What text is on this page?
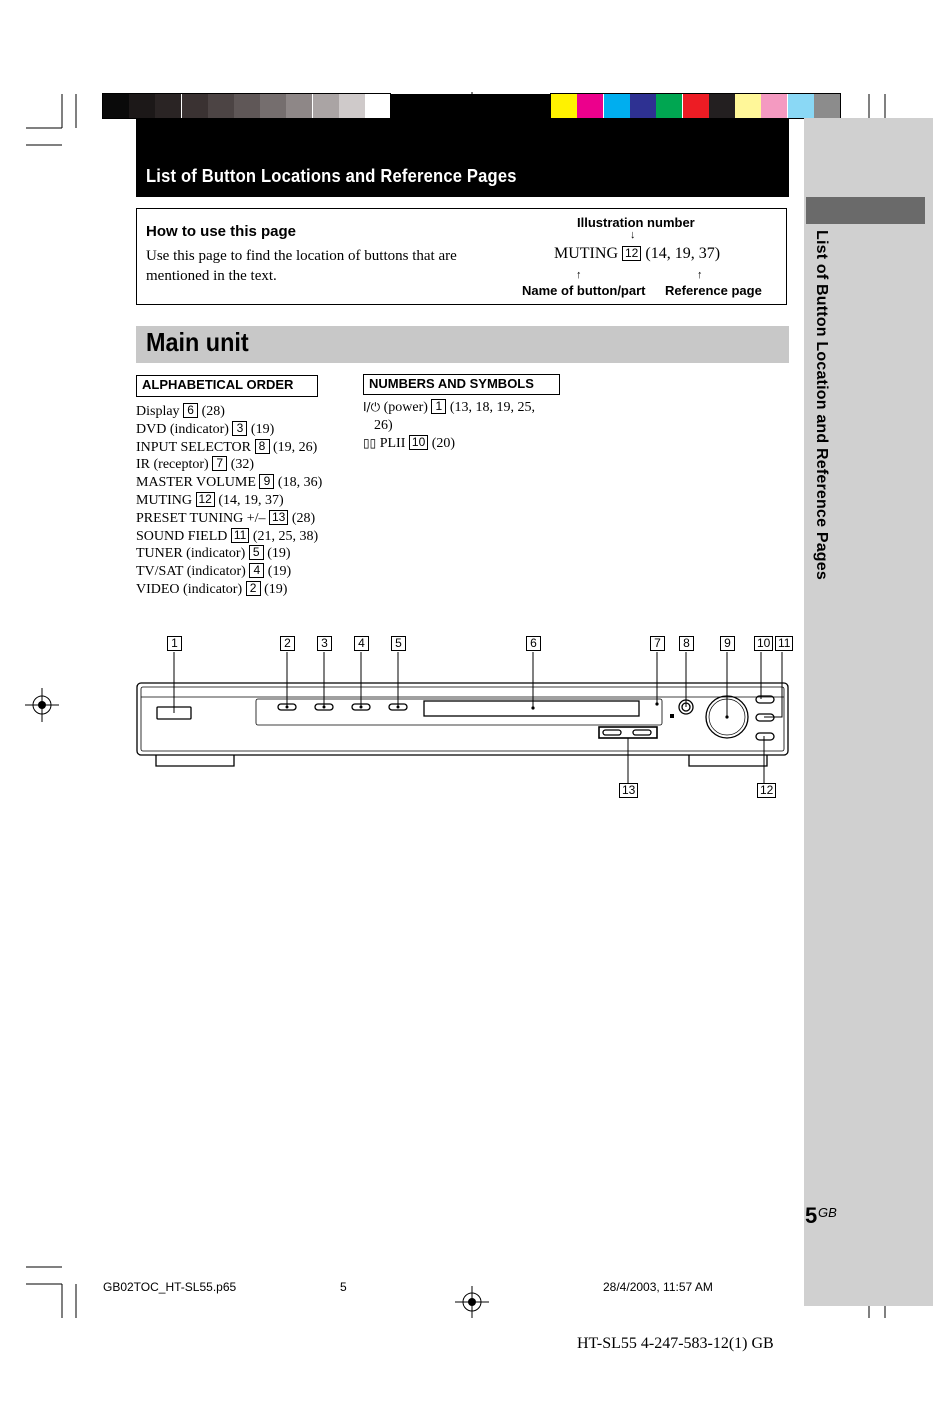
List of Button Locations and Reference Pages
List of Button Location and Reference Pages
How to use this page
Use this page to find the location of buttons that are mentioned in the text.
Illustration number
↓
MUTING 12 (14, 19, 37)
↑	↑
Name of button/part Reference page
Main unit
ALPHABETICAL ORDER	NUMBERS AND SYMBOLS
Display 6 (28)
DVD (indicator) 3 (19)
INPUT SELECTOR 8 (19, 26)
IR (receptor) 7 (32)
MASTER VOLUME 9 (18, 36)
MUTING 12 (14, 19, 37)
PRESET TUNING +/– 13 (28)
SOUND FIELD 11 (21, 25, 38)
TUNER (indicator) 5 (19)
TV/SAT (indicator) 4 (19)
VIDEO (indicator) 2 (19)
I/⏻ (power) 1 (13, 18, 19, 25,
26)
▯▯ PLII 10 (20)
1	2	3	4	5	6	7	8	9	10 11
13	12
5 GB
GB02TOC_HT-SL55.p65	5	28/4/2003, 11:57 AM
HT-SL55 4-247-583-12(1) GB
